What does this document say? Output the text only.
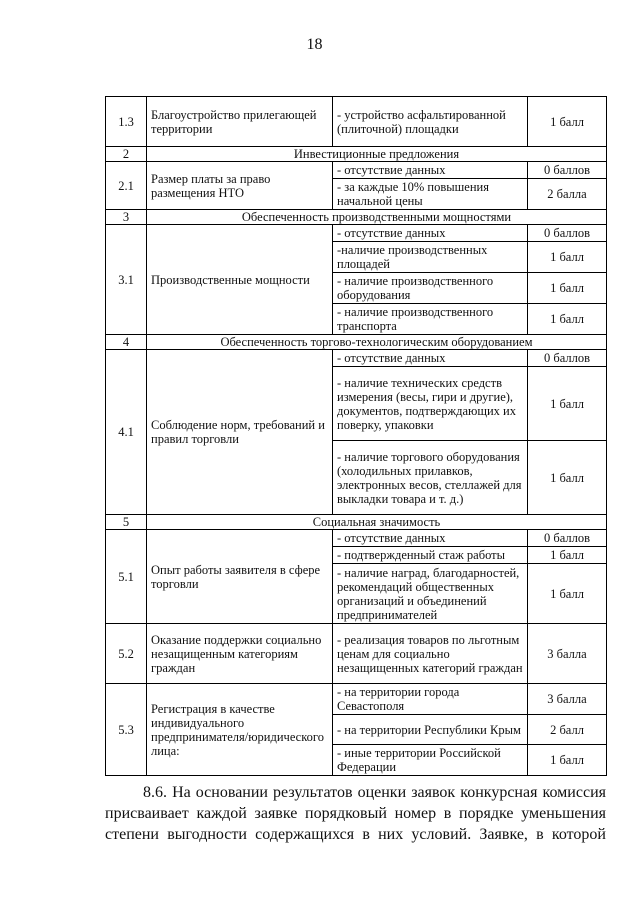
18
1.3	Благоустройство прилегающей территории	- устройство асфальтированной (плиточной) площадки	1 балл
2	Инвестиционные предложения		
2.1	Размер платы за право размещения НТО	- отсутствие данных	0 баллов
		- за каждые 10% повышения начальной цены	2 балла
3	Обеспеченность производственными мощностями		
3.1	Производственные мощности	- отсутствие данных	0 баллов
		-наличие производственных площадей	1 балл
		- наличие производственного оборудования	1 балл
		- наличие производственного транспорта	1 балл
4	Обеспеченность торгово-технологическим оборудованием		
4.1	Соблюдение норм, требований и правил торговли	- отсутствие данных	0 баллов
		- наличие технических средств измерения (весы, гири и другие), документов, подтверждающих их поверку, упаковки	1 балл
		- наличие торгового оборудования (холодильных прилавков, электронных весов, стеллажей для выкладки товара и т. д.)	1 балл
5	Социальная значимость		
5.1	Опыт работы заявителя в сфере торговли	- отсутствие данных	0 баллов
		- подтвержденный стаж работы	1 балл
		- наличие наград, благодарностей, рекомендаций общественных организаций и объединений предпринимателей	1 балл
5.2	Оказание поддержки социально незащищенным категориям граждан	- реализация товаров по льготным ценам для социально незащищенных категорий граждан	3 балла
5.3	Регистрация в качестве индивидуального предпринимателя/юридического лица:	- на территории города Севастополя	3 балла
		- на территории Республики Крым	2 балл
		- иные территории Российской Федерации	1 балл
8.6. На основании результатов оценки заявок конкурсная комиссия
присваивает каждой заявке порядковый номер в порядке уменьшения
степени выгодности содержащихся в них условий. Заявке, в которой
